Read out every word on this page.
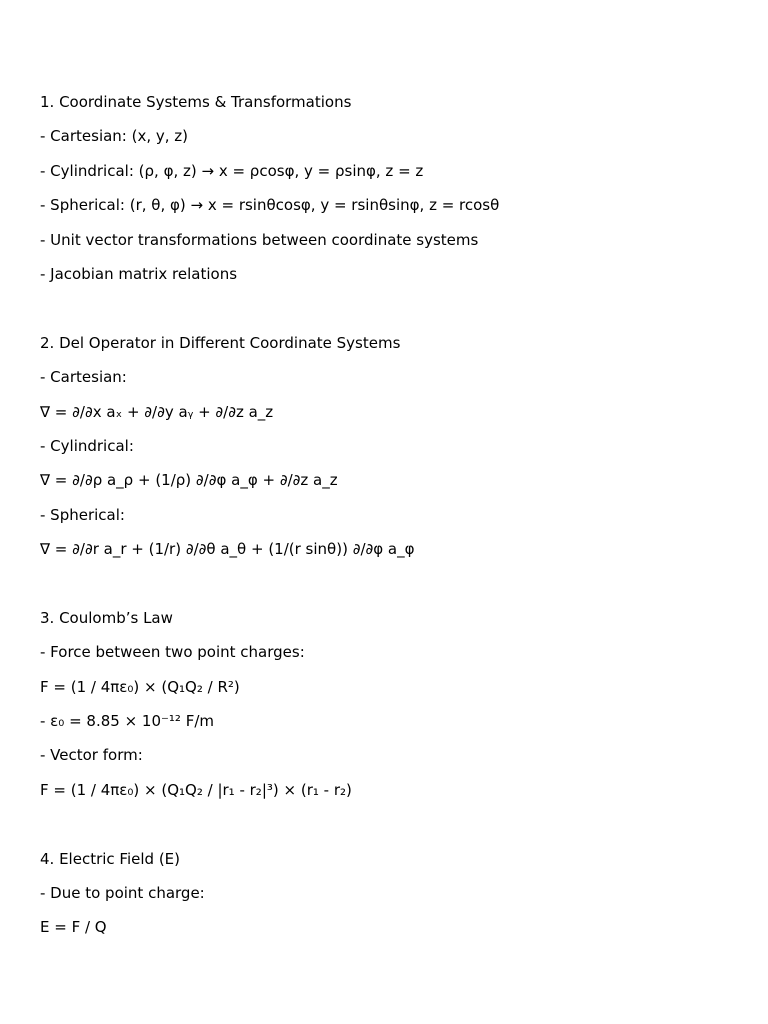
1. Coordinate Systems & Transformations
- Cartesian: (x, y, z)
- Cylindrical: (ρ, φ, z) → x = ρcosφ, y = ρsinφ, z = z
- Spherical: (r, θ, φ) → x = rsinθcosφ, y = rsinθsinφ, z = rcosθ
- Unit vector transformations between coordinate systems
- Jacobian matrix relations
2. Del Operator in Different Coordinate Systems
- Cartesian:
∇ = ∂/∂x aₓ + ∂/∂y aᵧ + ∂/∂z a_z
- Cylindrical:
∇ = ∂/∂ρ a_ρ + (1/ρ) ∂/∂φ a_φ + ∂/∂z a_z
- Spherical:
∇ = ∂/∂r a_r + (1/r) ∂/∂θ a_θ + (1/(r sinθ)) ∂/∂φ a_φ
3. Coulomb’s Law
- Force between two point charges:
F = (1 / 4πε₀) × (Q₁Q₂ / R²)
- ε₀ = 8.85 × 10⁻¹² F/m
- Vector form:
F = (1 / 4πε₀) × (Q₁Q₂ / |r₁ - r₂|³) × (r₁ - r₂)
4. Electric Field (E)
- Due to point charge:
E = F / Q
